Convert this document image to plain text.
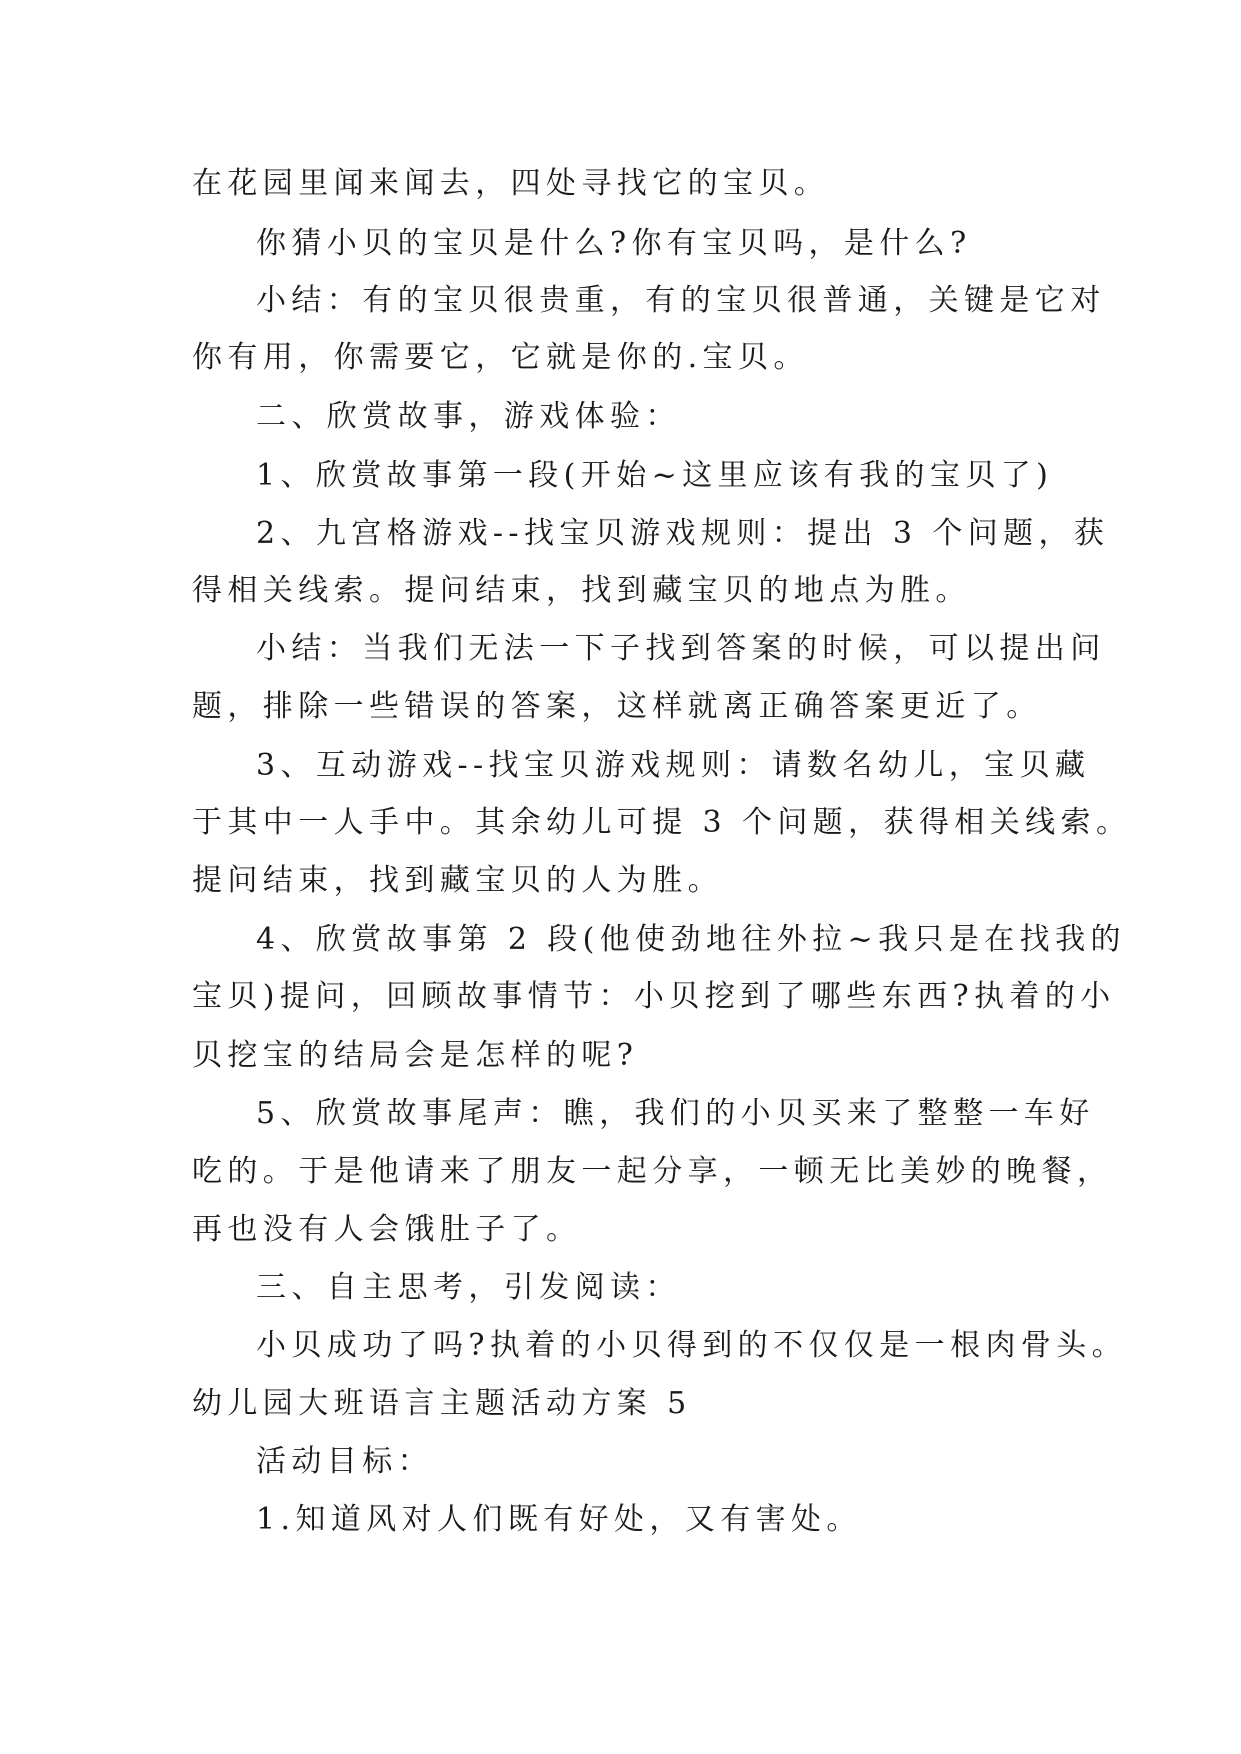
在花园里闻来闻去，四处寻找它的宝贝。
你猜小贝的宝贝是什么?你有宝贝吗，是什么?
小结：有的宝贝很贵重，有的宝贝很普通，关键是它对
你有用，你需要它，它就是你的.宝贝。
二、欣赏故事，游戏体验：
1、欣赏故事第一段(开始~这里应该有我的宝贝了)
2、九宫格游戏--找宝贝游戏规则：提出 3 个问题，获
得相关线索。提问结束，找到藏宝贝的地点为胜。
小结：当我们无法一下子找到答案的时候，可以提出问
题，排除一些错误的答案，这样就离正确答案更近了。
3、互动游戏--找宝贝游戏规则：请数名幼儿，宝贝藏
于其中一人手中。其余幼儿可提 3 个问题，获得相关线索。
提问结束，找到藏宝贝的人为胜。
4、欣赏故事第 2 段(他使劲地往外拉~我只是在找我的
宝贝)提问，回顾故事情节：小贝挖到了哪些东西?执着的小
贝挖宝的结局会是怎样的呢?
5、欣赏故事尾声：瞧，我们的小贝买来了整整一车好
吃的。于是他请来了朋友一起分享，一顿无比美妙的晚餐，
再也没有人会饿肚子了。
三、自主思考，引发阅读：
小贝成功了吗?执着的小贝得到的不仅仅是一根肉骨头。
幼儿园大班语言主题活动方案 5
活动目标：
1.知道风对人们既有好处，又有害处。
